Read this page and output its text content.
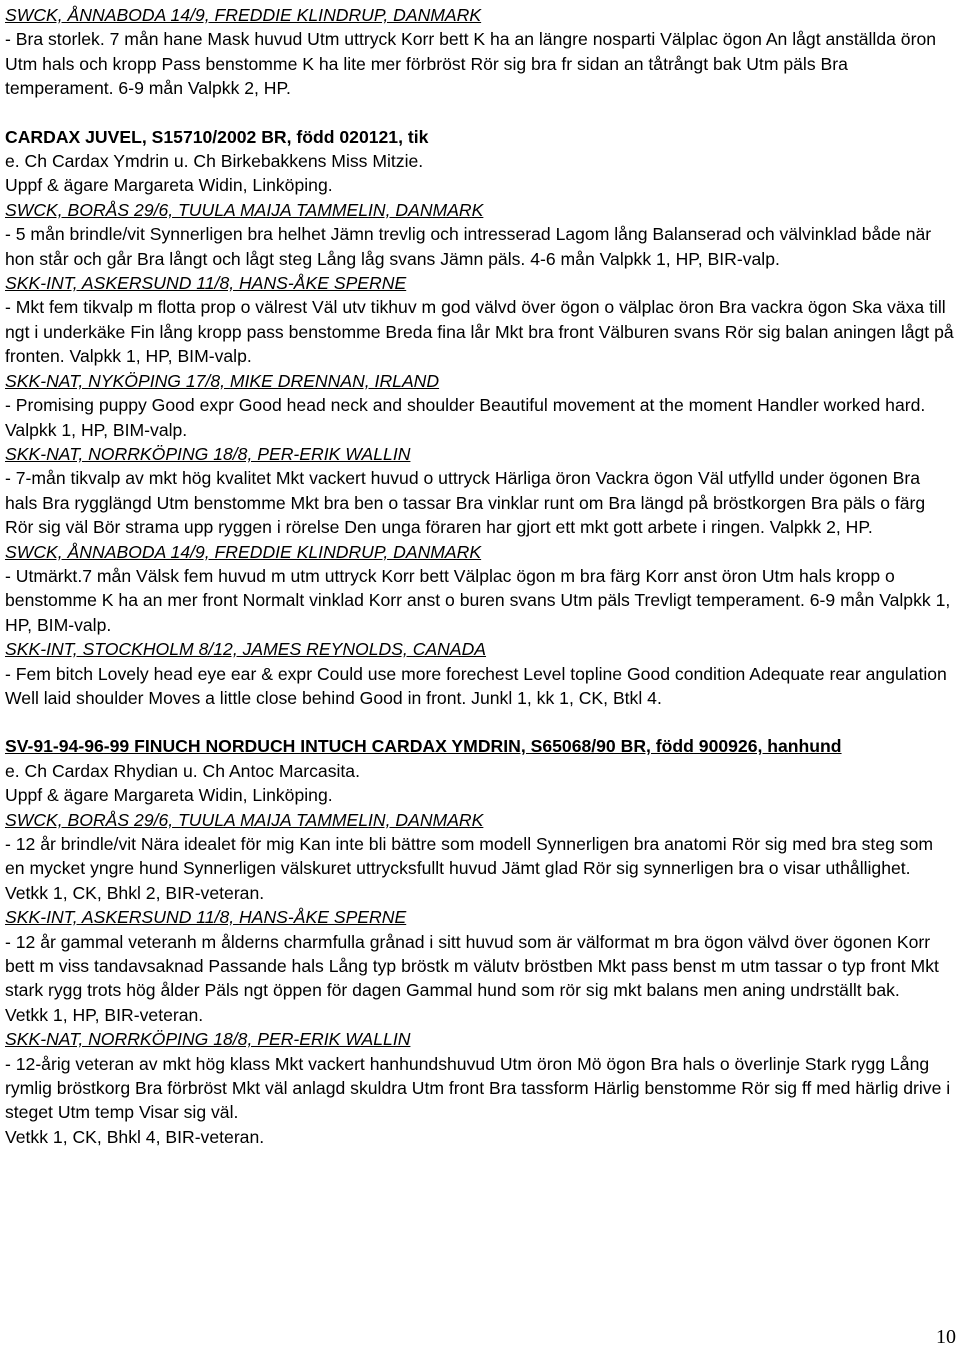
SWCK, ÅNNABODA 14/9, FREDDIE KLINDRUP, DANMARK
- Bra storlek. 7 mån hane Mask huvud Utm uttryck Korr bett K ha an längre nosparti Välplac ögon An lågt anställda öron Utm hals och kropp Pass benstomme K ha lite mer förbröst Rör sig bra fr sidan an tåtrångt bak Utm päls Bra temperament. 6-9 mån Valpkk 2, HP.
CARDAX JUVEL, S15710/2002 BR, född 020121, tik
e. Ch Cardax Ymdrin u. Ch Birkebakkens Miss Mitzie.
Uppf & ägare Margareta Widin, Linköping.
SWCK, BORÅS 29/6, TUULA MAIJA TAMMELIN, DANMARK
- 5 mån brindle/vit Synnerligen bra helhet Jämn trevlig och intresserad Lagom lång Balanserad och välvinklad både när hon står och går Bra långt och lågt steg Lång låg svans Jämn päls. 4-6 mån Valpkk 1, HP, BIR-valp.
SKK-INT, ASKERSUND 11/8, HANS-ÅKE SPERNE
- Mkt fem tikvalp m flotta prop o välrest Väl utv tikhuv m god välvd över ögon o välplac öron Bra vackra ögon Ska växa till ngt i underkäke Fin lång kropp pass benstomme Breda fina lår Mkt bra front Välburen svans Rör sig balan aningen lågt på fronten. Valpkk 1, HP, BIM-valp.
SKK-NAT, NYKÖPING 17/8, MIKE DRENNAN, IRLAND
- Promising puppy Good expr Good head neck and shoulder Beautiful movement at the moment Handler worked hard. Valpkk 1, HP, BIM-valp.
SKK-NAT, NORRKÖPING 18/8, PER-ERIK WALLIN
- 7-mån tikvalp av mkt hög kvalitet Mkt vackert huvud o uttryck Härliga öron Vackra ögon Väl utfylld under ögonen Bra hals Bra rygglängd Utm benstomme Mkt bra ben o tassar Bra vinklar runt om Bra längd på bröstkorgen Bra päls o färg Rör sig väl Bör strama upp ryggen i rörelse Den unga föraren har gjort ett mkt gott arbete i ringen. Valpkk 2, HP.
SWCK, ÅNNABODA 14/9, FREDDIE KLINDRUP, DANMARK
- Utmärkt.7 mån Välsk fem huvud m utm uttryck Korr bett Välplac ögon m bra färg Korr anst öron Utm hals kropp o benstomme K ha an mer front Normalt vinklad Korr anst o buren svans Utm päls Trevligt temperament. 6-9 mån Valpkk 1, HP, BIM-valp.
SKK-INT, STOCKHOLM 8/12, JAMES REYNOLDS, CANADA
- Fem bitch Lovely head eye ear & expr Could use more forechest Level topline Good condition Adequate rear angulation Well laid shoulder Moves a little close behind Good in front. Junkl 1, kk 1, CK, Btkl 4.
SV-91-94-96-99 FINUCH NORDUCH INTUCH CARDAX YMDRIN, S65068/90 BR, född 900926, hanhund
e. Ch Cardax Rhydian u. Ch Antoc Marcasita.
Uppf & ägare Margareta Widin, Linköping.
SWCK, BORÅS 29/6, TUULA MAIJA TAMMELIN, DANMARK
- 12 år brindle/vit Nära idealet för mig Kan inte bli bättre som modell Synnerligen bra anatomi Rör sig med bra steg som en mycket yngre hund Synnerligen välskuret uttrycksfullt huvud Jämt glad Rör sig synnerligen bra o visar uthållighet.
Vetkk 1, CK, Bhkl 2, BIR-veteran.
SKK-INT, ASKERSUND 11/8, HANS-ÅKE SPERNE
- 12 år gammal veteranh m ålderns charmfulla grånad i sitt huvud som är välformat m bra ögon välvd över ögonen Korr bett m viss tandavsaknad Passande hals Lång typ bröstk m välutv bröstben Mkt pass benst m utm tassar o typ front Mkt stark rygg trots hög ålder Päls ngt öppen för dagen Gammal hund som rör sig mkt balans men aning undrställt bak.
Vetkk 1, HP, BIR-veteran.
SKK-NAT, NORRKÖPING 18/8, PER-ERIK WALLIN
- 12-årig veteran av mkt hög klass Mkt vackert hanhundshuvud Utm öron Mö ögon Bra hals o överlinje Stark rygg Lång rymlig bröstkorg Bra förbröst Mkt väl anlagd skuldra Utm front Bra tassform Härlig benstomme Rör sig ff med härlig drive i steget Utm temp Visar sig väl.
Vetkk 1, CK, Bhkl 4, BIR-veteran.
10
